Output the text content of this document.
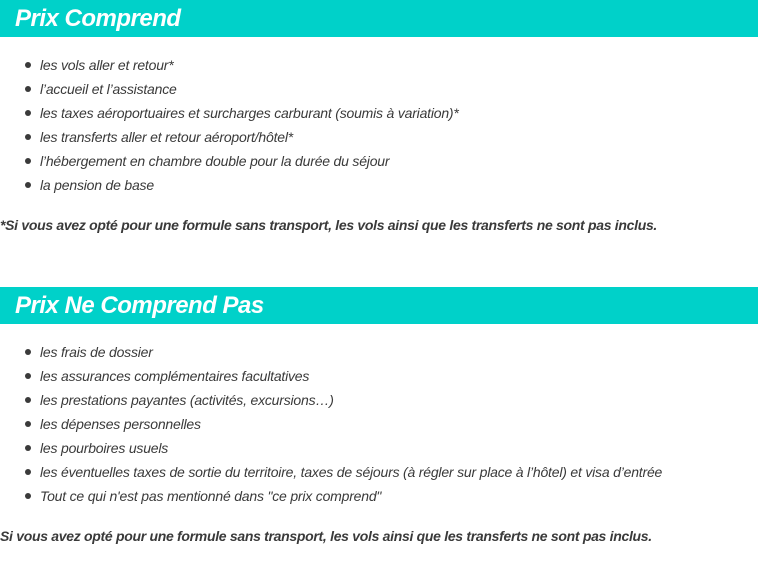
Prix Comprend
les vols aller et retour*
l’accueil et l’assistance
les taxes aéroportuaires et surcharges carburant (soumis à variation)*
les transferts aller et retour aéroport/hôtel*
l’hébergement en chambre double pour la durée du séjour
la pension de base

*Si vous avez opté pour une formule sans transport, les vols ainsi que les transferts ne sont pas inclus.

Prix Ne Comprend Pas
les frais de dossier
les assurances complémentaires facultatives
les prestations payantes (activités, excursions…)
les dépenses personnelles
les pourboires usuels
les éventuelles taxes de sortie du territoire, taxes de séjours (à régler sur place à l’hôtel) et visa d’entrée
Tout ce qui n'est pas mentionné dans "ce prix comprend"

Si vous avez opté pour une formule sans transport, les vols ainsi que les transferts ne sont pas inclus.
